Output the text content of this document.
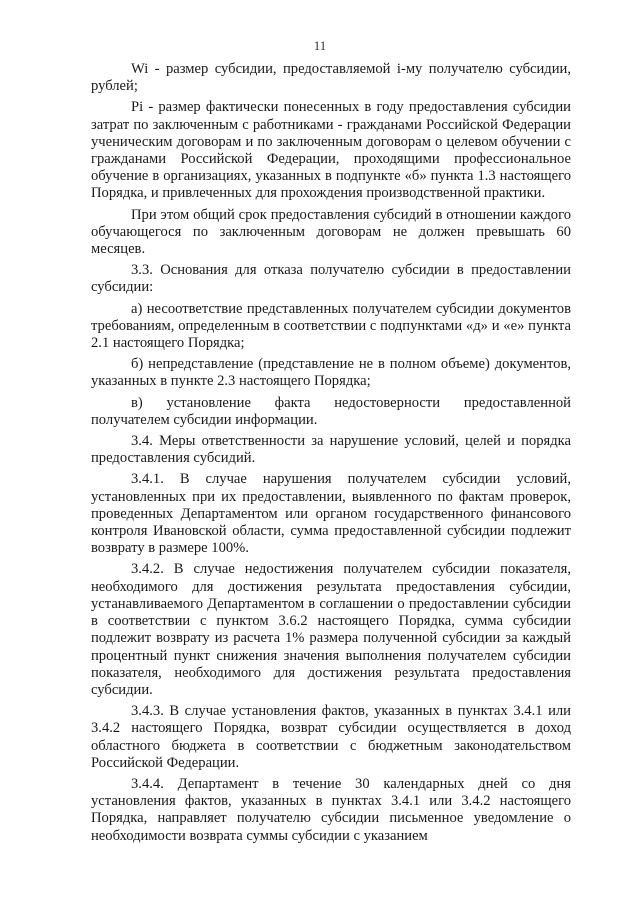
11

Wi - размер субсидии, предоставляемой i-му получателю субсидии, рублей;

Pi - размер фактически понесенных в году предоставления субсидии затрат по заключенным с работниками - гражданами Российской Федерации ученическим договорам и по заключенным договорам о целевом обучении с гражданами Российской Федерации, проходящими профессиональное обучение в организациях, указанных в подпункте «б» пункта 1.3 настоящего Порядка, и привлеченных для прохождения производственной практики.

При этом общий срок предоставления субсидий в отношении каждого обучающегося по заключенным договорам не должен превышать 60 месяцев.

3.3. Основания для отказа получателю субсидии в предоставлении субсидии:

а) несоответствие представленных получателем субсидии документов требованиям, определенным в соответствии с подпунктами «д» и «е» пункта 2.1 настоящего Порядка;

б) непредставление (представление не в полном объеме) документов, указанных в пункте 2.3 настоящего Порядка;

в) установление факта недостоверности предоставленной получателем субсидии информации.

3.4. Меры ответственности за нарушение условий, целей и порядка предоставления субсидий.

3.4.1. В случае нарушения получателем субсидии условий, установленных при их предоставлении, выявленного по фактам проверок, проведенных Департаментом или органом государственного финансового контроля Ивановской области, сумма предоставленной субсидии подлежит возврату в размере 100%.

3.4.2. В случае недостижения получателем субсидии показателя, необходимого для достижения результата предоставления субсидии, устанавливаемого Департаментом в соглашении о предоставлении субсидии в соответствии с пунктом 3.6.2 настоящего Порядка, сумма субсидии подлежит возврату из расчета 1% размера полученной субсидии за каждый процентный пункт снижения значения выполнения получателем субсидии показателя, необходимого для достижения результата предоставления субсидии.

3.4.3. В случае установления фактов, указанных в пунктах 3.4.1 или 3.4.2 настоящего Порядка, возврат субсидии осуществляется в доход областного бюджета в соответствии с бюджетным законодательством Российской Федерации.

3.4.4. Департамент в течение 30 календарных дней со дня установления фактов, указанных в пунктах 3.4.1 или 3.4.2 настоящего Порядка, направляет получателю субсидии письменное уведомление о необходимости возврата суммы субсидии с указанием
